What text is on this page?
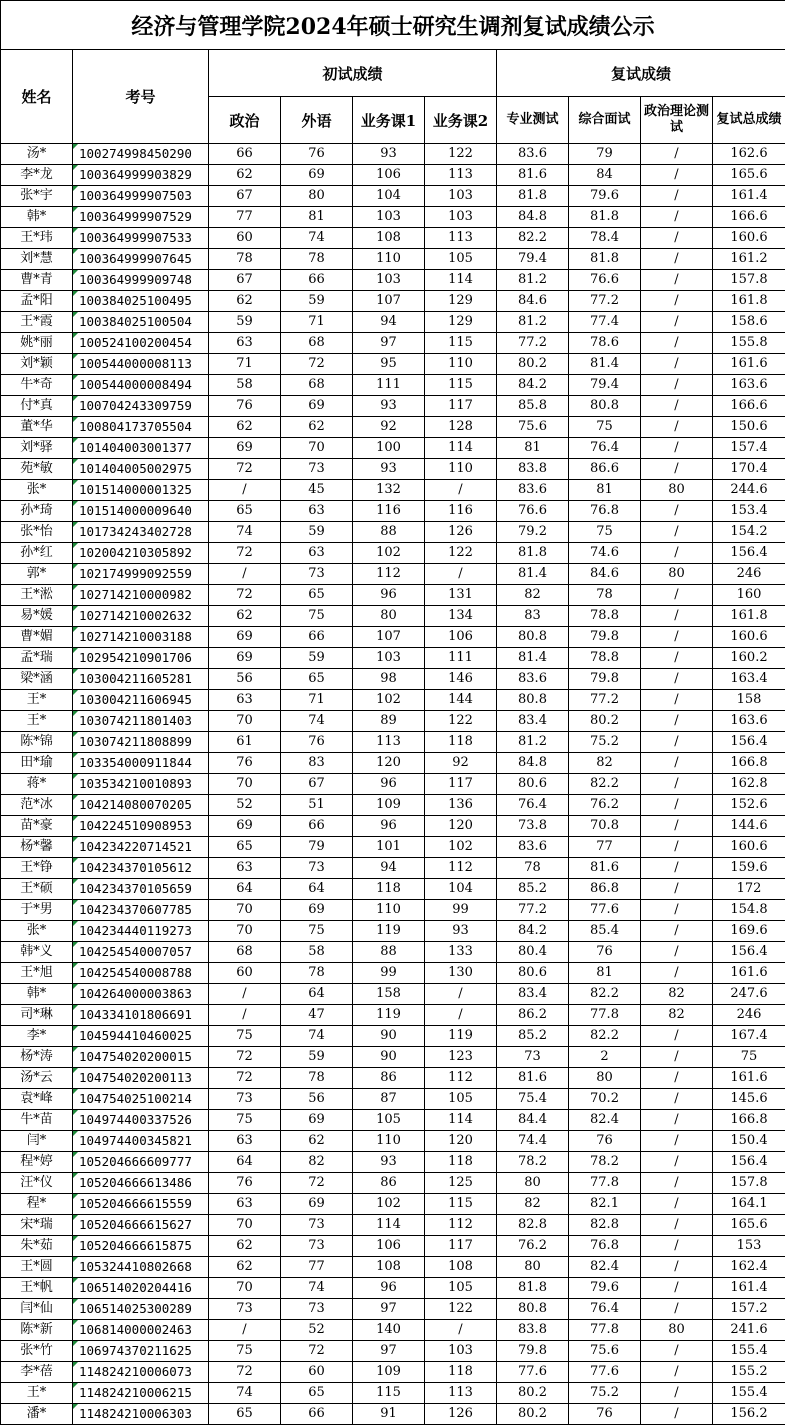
经济与管理学院2024年硕士研究生调剂复试成绩公示									
姓名	考号	初试成绩				复试成绩			
		政治	外语	业务课1	业务课2	专业测试	综合面试	政治理论测试	复试总成绩
汤*	100274998450290	66	76	93	122	83.6	79	/	162.6
李*龙	100364999903829	62	69	106	113	81.6	84	/	165.6
张*宇	100364999907503	67	80	104	103	81.8	79.6	/	161.4
韩*	100364999907529	77	81	103	103	84.8	81.8	/	166.6
王*玮	100364999907533	60	74	108	113	82.2	78.4	/	160.6
刘*慧	100364999907645	78	78	110	105	79.4	81.8	/	161.2
曹*青	100364999909748	67	66	103	114	81.2	76.6	/	157.8
孟*阳	100384025100495	62	59	107	129	84.6	77.2	/	161.8
王*霞	100384025100504	59	71	94	129	81.2	77.4	/	158.6
姚*丽	100524100200454	63	68	97	115	77.2	78.6	/	155.8
刘*颖	100544000008113	71	72	95	110	80.2	81.4	/	161.6
牛*奇	100544000008494	58	68	111	115	84.2	79.4	/	163.6
付*真	100704243309759	76	69	93	117	85.8	80.8	/	166.6
董*华	100804173705504	62	62	92	128	75.6	75	/	150.6
刘*驿	101404003001377	69	70	100	114	81	76.4	/	157.4
苑*敏	101404005002975	72	73	93	110	83.8	86.6	/	170.4
张*	101514000001325	/	45	132	/	83.6	81	80	244.6
孙*琦	101514000009640	65	63	116	116	76.6	76.8	/	153.4
张*怡	101734243402728	74	59	88	126	79.2	75	/	154.2
孙*红	102004210305892	72	63	102	122	81.8	74.6	/	156.4
郭*	102174999092559	/	73	112	/	81.4	84.6	80	246
王*淞	102714210000982	72	65	96	131	82	78	/	160
易*媛	102714210002632	62	75	80	134	83	78.8	/	161.8
曹*媚	102714210003188	69	66	107	106	80.8	79.8	/	160.6
孟*瑞	102954210901706	69	59	103	111	81.4	78.8	/	160.2
梁*涵	103004211605281	56	65	98	146	83.6	79.8	/	163.4
王*	103004211606945	63	71	102	144	80.8	77.2	/	158
王*	103074211801403	70	74	89	122	83.4	80.2	/	163.6
陈*锦	103074211808899	61	76	113	118	81.2	75.2	/	156.4
田*瑜	103354000911844	76	83	120	92	84.8	82	/	166.8
蒋*	103534210010893	70	67	96	117	80.6	82.2	/	162.8
范*冰	104214080070205	52	51	109	136	76.4	76.2	/	152.6
苗*豪	104224510908953	69	66	96	120	73.8	70.8	/	144.6
杨*馨	104234220714521	65	79	101	102	83.6	77	/	160.6
王*铮	104234370105612	63	73	94	112	78	81.6	/	159.6
王*硕	104234370105659	64	64	118	104	85.2	86.8	/	172
于*男	104234370607785	70	69	110	99	77.2	77.6	/	154.8
张*	104234440119273	70	75	119	93	84.2	85.4	/	169.6
韩*义	104254540007057	68	58	88	133	80.4	76	/	156.4
王*旭	104254540008788	60	78	99	130	80.6	81	/	161.6
韩*	104264000003863	/	64	158	/	83.4	82.2	82	247.6
司*琳	104334101806691	/	47	119	/	86.2	77.8	82	246
李*	104594410460025	75	74	90	119	85.2	82.2	/	167.4
杨*涛	104754020200015	72	59	90	123	73	2	/	75
汤*云	104754020200113	72	78	86	112	81.6	80	/	161.6
袁*峰	104754025100214	73	56	87	105	75.4	70.2	/	145.6
牛*苗	104974400337526	75	69	105	114	84.4	82.4	/	166.8
闫*	104974400345821	63	62	110	120	74.4	76	/	150.4
程*婷	105204666609777	64	82	93	118	78.2	78.2	/	156.4
汪*仪	105204666613486	76	72	86	125	80	77.8	/	157.8
程*	105204666615559	63	69	102	115	82	82.1	/	164.1
宋*瑞	105204666615627	70	73	114	112	82.8	82.8	/	165.6
朱*茹	105204666615875	62	73	106	117	76.2	76.8	/	153
王*圆	105324410802668	62	77	108	108	80	82.4	/	162.4
王*帆	106514020204416	70	74	96	105	81.8	79.6	/	161.4
闫*仙	106514025300289	73	73	97	122	80.8	76.4	/	157.2
陈*新	106814000002463	/	52	140	/	83.8	77.8	80	241.6
张*竹	106974370211625	75	72	97	103	79.8	75.6	/	155.4
李*蓓	114824210006073	72	60	109	118	77.6	77.6	/	155.2
王*	114824210006215	74	65	115	113	80.2	75.2	/	155.4
潘*	114824210006303	65	66	91	126	80.2	76	/	156.2
